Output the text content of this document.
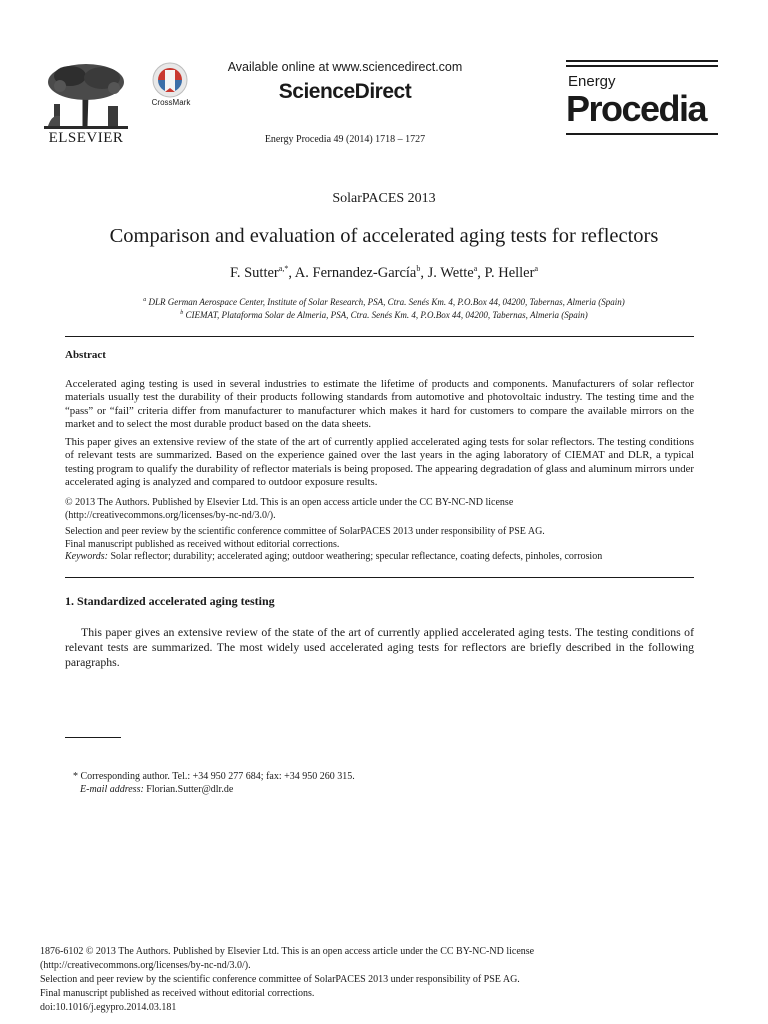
ELSEVIER
CrossMark
Available online at www.sciencedirect.com
ScienceDirect
Energy Procedia 49 (2014) 1718 – 1727
Energy
Procedia
SolarPACES 2013
Comparison and evaluation of accelerated aging tests for reflectors
F. Sutter$^{a,*}$, A. Fernandez-García$^b$, J. Wette$^a$, P. Heller$^a$
$^a$ DLR German Aerospace Center, Institute of Solar Research, PSA, Ctra. Senés Km. 4, P.O.Box 44, 04200, Tabernas, Almeria (Spain)
$^b$ CIEMAT, Plataforma Solar de Almeria, PSA, Ctra. Senés Km. 4, P.O.Box 44, 04200, Tabernas, Almeria (Spain)
Abstract
Accelerated aging testing is used in several industries to estimate the lifetime of products and components. Manufacturers of solar reflector materials usually test the durability of their products following standards from automotive and photovoltaic industry. The testing time and the “pass” or “fail” criteria differ from manufacturer to manufacturer which makes it hard for customers to compare the available mirrors on the market and to select the most durable product based on the data sheets.
This paper gives an extensive review of the state of the art of currently applied accelerated aging tests for solar reflectors. The testing conditions of relevant tests are summarized. Based on the experience gained over the last years in the aging laboratory of CIEMAT and DLR, a typical testing program to qualify the durability of reflector materials is being proposed. The appearing degradation of glass and aluminum mirrors under accelerated aging is analyzed and compared to outdoor exposure results.
© 2013 The Authors. Published by Elsevier Ltd. This is an open access article under the CC BY-NC-ND license
(http://creativecommons.org/licenses/by-nc-nd/3.0/).
Selection and peer review by the scientific conference committee of SolarPACES 2013 under responsibility of PSE AG.
Final manuscript published as received without editorial corrections.
Keywords: Solar reflector; durability; accelerated aging; outdoor weathering; specular reflectance, coating defects, pinholes, corrosion
1. Standardized accelerated aging testing
This paper gives an extensive review of the state of the art of currently applied accelerated aging tests. The testing conditions of relevant tests are summarized. The most widely used accelerated aging tests for reflectors are briefly described in the following paragraphs.
* Corresponding author. Tel.: +34 950 277 684; fax: +34 950 260 315.
E-mail address: Florian.Sutter@dlr.de
1876-6102 © 2013 The Authors. Published by Elsevier Ltd. This is an open access article under the CC BY-NC-ND license
(http://creativecommons.org/licenses/by-nc-nd/3.0/).
Selection and peer review by the scientific conference committee of SolarPACES 2013 under responsibility of PSE AG.
Final manuscript published as received without editorial corrections.
doi:10.1016/j.egypro.2014.03.181
